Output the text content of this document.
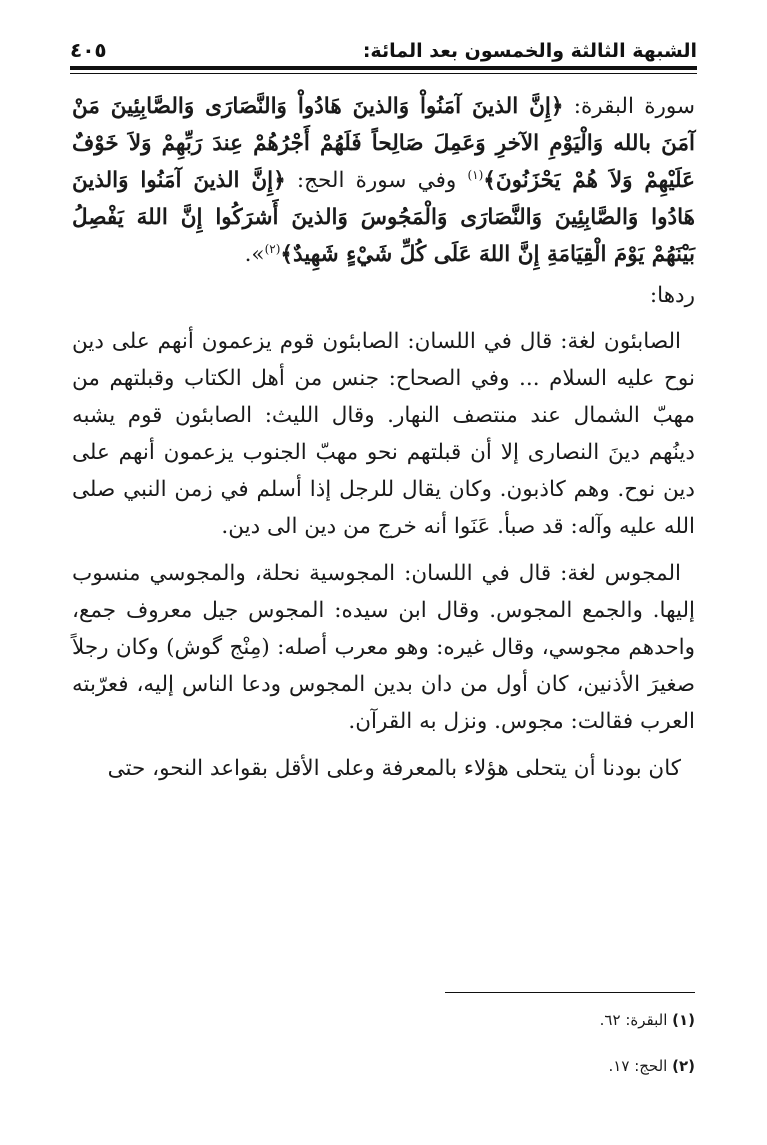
الشبهة الثالثة والخمسون بعد المائة:
٤٠٥

سورة البقرة: ﴿إِنَّ الذينَ آمَنُواْ وَالذينَ هَادُواْ وَالنَّصَارَى وَالصَّابِئِينَ مَنْ آمَنَ بالله وَالْيَوْمِ الآخرِ وَعَمِلَ صَالِحاً فَلَهُمْ أَجْرُهُمْ عِندَ رَبِّهِمْ وَلاَ خَوْفٌ عَلَيْهِمْ وَلاَ هُمْ يَحْزَنُونَ﴾$^{(١)}$ وفي سورة الحج: ﴿إِنَّ الذينَ آمَنُوا وَالذينَ هَادُوا وَالصَّابِئِينَ وَالنَّصَارَى وَالْمَجُوسَ وَالذينَ أَشرَكُوا إِنَّ اللهَ يَفْصِلُ بَيْنَهُمْ يَوْمَ الْقِيَامَةِ إِنَّ اللهَ عَلَى كُلِّ شَيْءٍ شَهِيدٌ﴾$^{(٢)}$».

ردها:

الصابئون لغة: قال في اللسان: الصابئون قوم يزعمون أنهم على دين نوح عليه السلام ... وفي الصحاح: جنس من أهل الكتاب وقبلتهم من مهبّ الشمال عند منتصف النهار. وقال الليث: الصابئون قوم يشبه دينُهم دينَ النصارى إلا أن قبلتهم نحو مهبّ الجنوب يزعمون أنهم على دين نوح. وهم كاذبون. وكان يقال للرجل إذا أسلم في زمن النبي صلى الله عليه وآله: قد صبأ. عَنَوا أنه خرج من دين الى دين.

المجوس لغة: قال في اللسان: المجوسية نحلة، والمجوسي منسوب إليها. والجمع المجوس. وقال ابن سيده: المجوس جيل معروف جمع، واحدهم مجوسي، وقال غيره: وهو معرب أصله: (مِنْج گوش) وكان رجلاً صغيرَ الأذنين، كان أول من دان بدين المجوس ودعا الناس إليه، فعرّبته العرب فقالت: مجوس. ونزل به القرآن.

كان بودنا أن يتحلى هؤلاء بالمعرفة وعلى الأقل بقواعد النحو، حتى

(١) البقرة: ٦٢.

(٢) الحج: ١٧.
